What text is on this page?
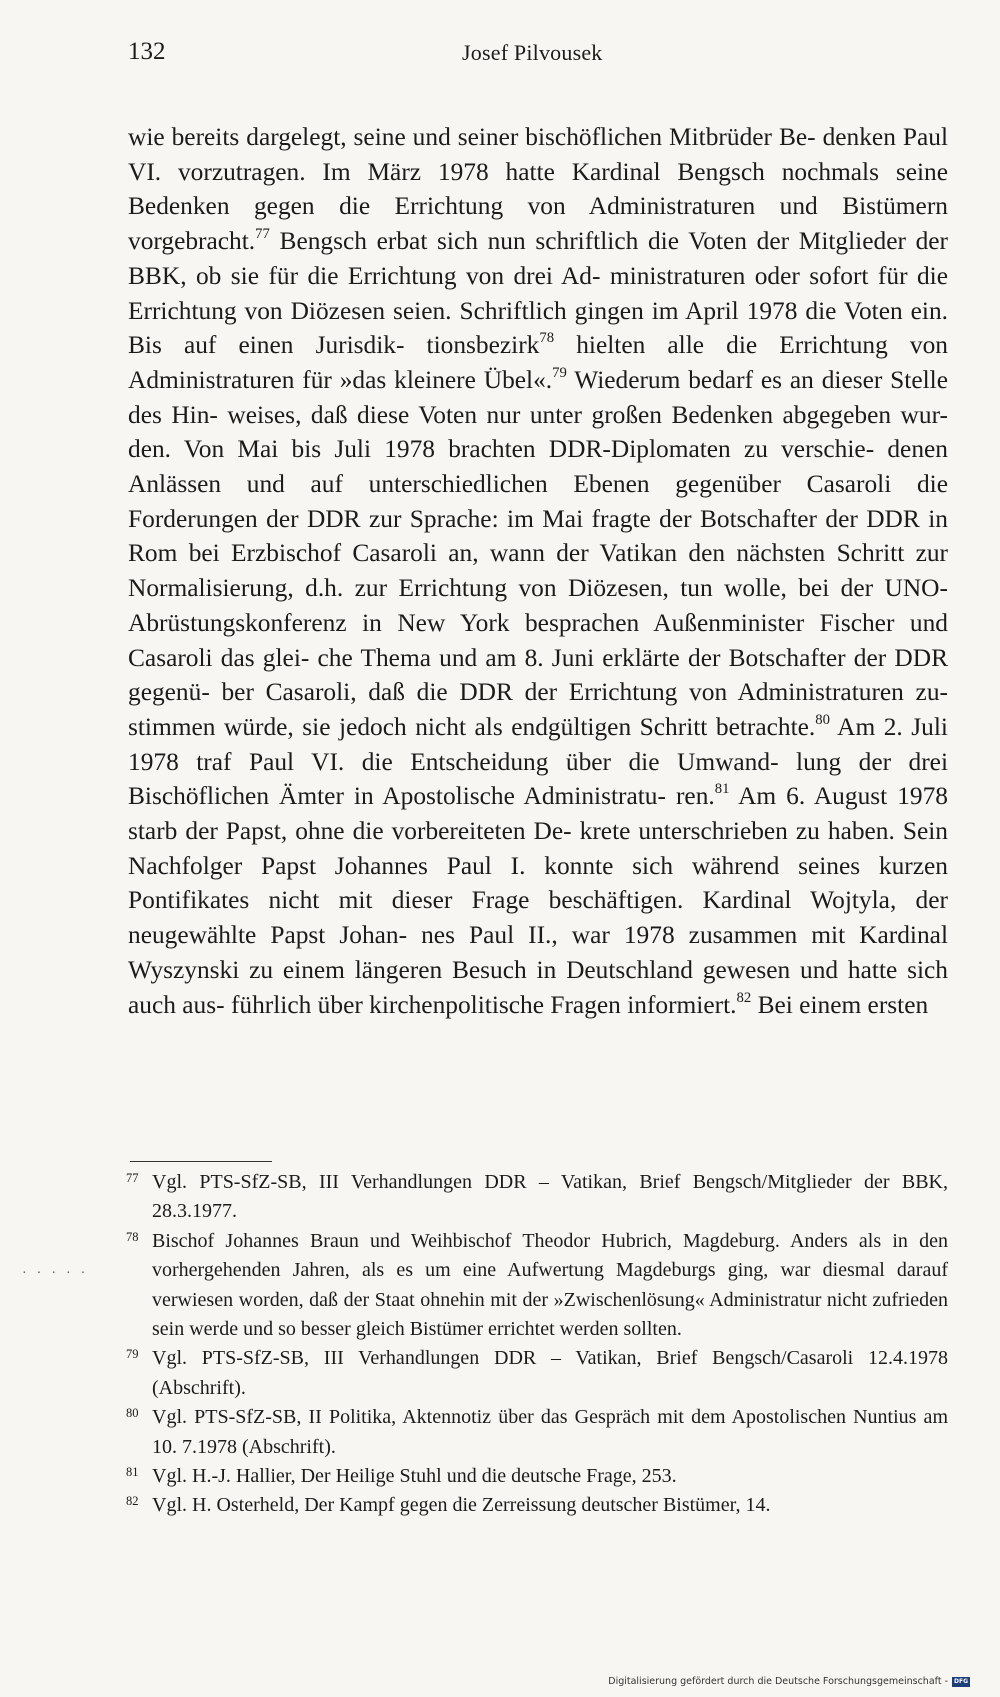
132	Josef Pilvousek
wie bereits dargelegt, seine und seiner bischöflichen Mitbrüder Be- denken Paul VI. vorzutragen. Im März 1978 hatte Kardinal Bengsch nochmals seine Bedenken gegen die Errichtung von Administraturen und Bistümern vorgebracht.$^{77}$ Bengsch erbat sich nun schriftlich die Voten der Mitglieder der BBK, ob sie für die Errichtung von drei Ad- ministraturen oder sofort für die Errichtung von Diözesen seien. Schriftlich gingen im April 1978 die Voten ein. Bis auf einen Jurisdik- tionsbezirk$^{78}$ hielten alle die Errichtung von Administraturen für »das kleinere Übel«.$^{79}$ Wiederum bedarf es an dieser Stelle des Hin- weises, daß diese Voten nur unter großen Bedenken abgegeben wur- den. Von Mai bis Juli 1978 brachten DDR-Diplomaten zu verschie- denen Anlässen und auf unterschiedlichen Ebenen gegenüber Casaroli die Forderungen der DDR zur Sprache: im Mai fragte der Botschafter der DDR in Rom bei Erzbischof Casaroli an, wann der Vatikan den nächsten Schritt zur Normalisierung, d.h. zur Errichtung von Diözesen, tun wolle, bei der UNO-Abrüstungskonferenz in New York besprachen Außenminister Fischer und Casaroli das glei- che Thema und am 8. Juni erklärte der Botschafter der DDR gegenü- ber Casaroli, daß die DDR der Errichtung von Administraturen zu- stimmen würde, sie jedoch nicht als endgültigen Schritt betrachte.$^{80}$ Am 2. Juli 1978 traf Paul VI. die Entscheidung über die Umwand- lung der drei Bischöflichen Ämter in Apostolische Administratu- ren.$^{81}$ Am 6. August 1978 starb der Papst, ohne die vorbereiteten De- krete unterschrieben zu haben. Sein Nachfolger Papst Johannes Paul I. konnte sich während seines kurzen Pontifikates nicht mit dieser Frage beschäftigen. Kardinal Wojtyla, der neugewählte Papst Johan- nes Paul II., war 1978 zusammen mit Kardinal Wyszynski zu einem längeren Besuch in Deutschland gewesen und hatte sich auch aus- führlich über kirchenpolitische Fragen informiert.$^{82}$ Bei einem ersten
·····

77 Vgl. PTS-SfZ-SB, III Verhandlungen DDR – Vatikan, Brief Bengsch/Mitglieder der BBK, 28.3.1977.

78 Bischof Johannes Braun und Weihbischof Theodor Hubrich, Magdeburg. Anders als in den vorhergehenden Jahren, als es um eine Aufwertung Magdeburgs ging, war diesmal darauf verwiesen worden, daß der Staat ohnehin mit der »Zwischenlösung« Administratur nicht zufrieden sein werde und so besser gleich Bistümer errichtet werden sollten.

79 Vgl. PTS-SfZ-SB, III Verhandlungen DDR – Vatikan, Brief Bengsch/Casaroli 12.4.1978 (Abschrift).

80 Vgl. PTS-SfZ-SB, II Politika, Aktennotiz über das Gespräch mit dem Apostolischen Nuntius am 10. 7.1978 (Abschrift).

81 Vgl. H.-J. Hallier, Der Heilige Stuhl und die deutsche Frage, 253.

82 Vgl. H. Osterheld, Der Kampf gegen die Zerreissung deutscher Bistümer, 14.

Digitalisierung gefördert durch die Deutsche Forschungsgemeinschaft - DFG
